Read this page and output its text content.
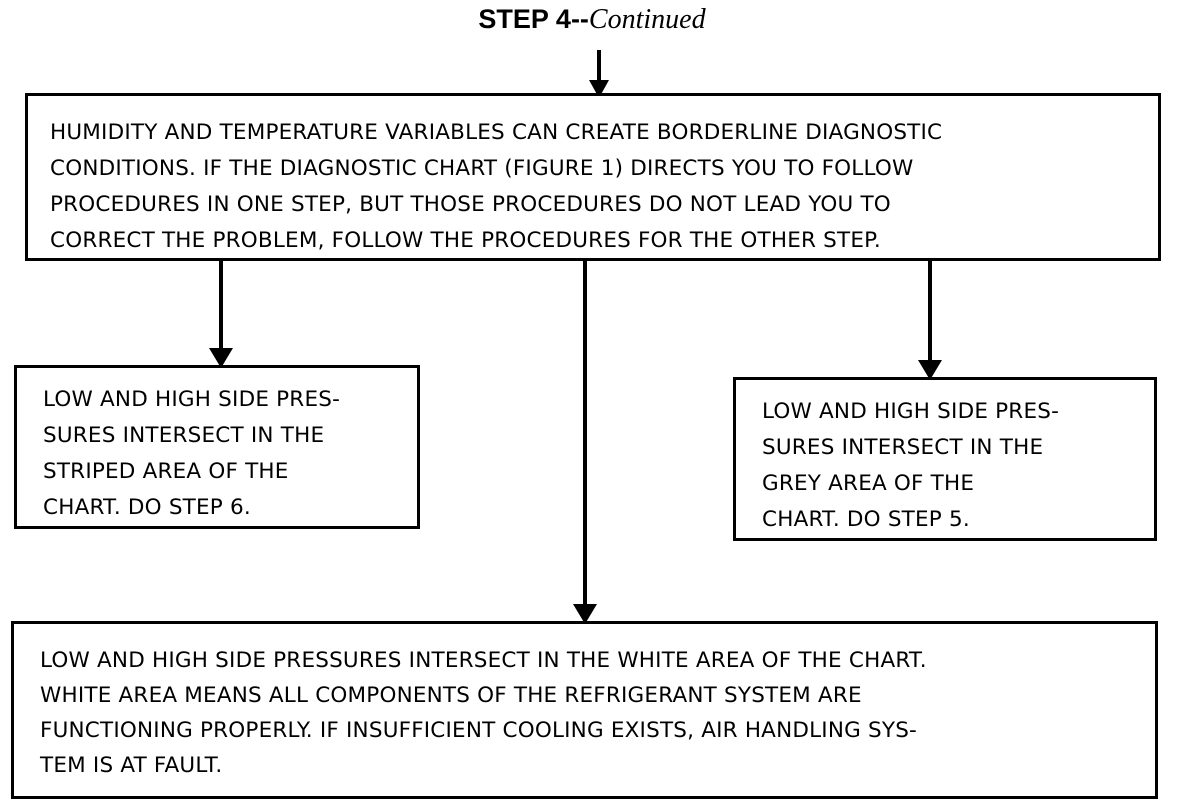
STEP 4--Continued
HUMIDITY AND TEMPERATURE VARIABLES CAN CREATE BORDERLINE DIAGNOSTIC
CONDITIONS. IF THE DIAGNOSTIC CHART (FIGURE 1) DIRECTS YOU TO FOLLOW
PROCEDURES IN ONE STEP, BUT THOSE PROCEDURES DO NOT LEAD YOU TO
CORRECT THE PROBLEM, FOLLOW THE PROCEDURES FOR THE OTHER STEP.
LOW AND HIGH SIDE PRES-
SURES INTERSECT IN THE
STRIPED AREA OF THE
CHART. DO STEP 6.
LOW AND HIGH SIDE PRES-
SURES INTERSECT IN THE
GREY AREA OF THE
CHART. DO STEP 5.
LOW AND HIGH SIDE PRESSURES INTERSECT IN THE WHITE AREA OF THE CHART.
WHITE AREA MEANS ALL COMPONENTS OF THE REFRIGERANT SYSTEM ARE
FUNCTIONING PROPERLY. IF INSUFFICIENT COOLING EXISTS, AIR HANDLING SYS-
TEM IS AT FAULT.
